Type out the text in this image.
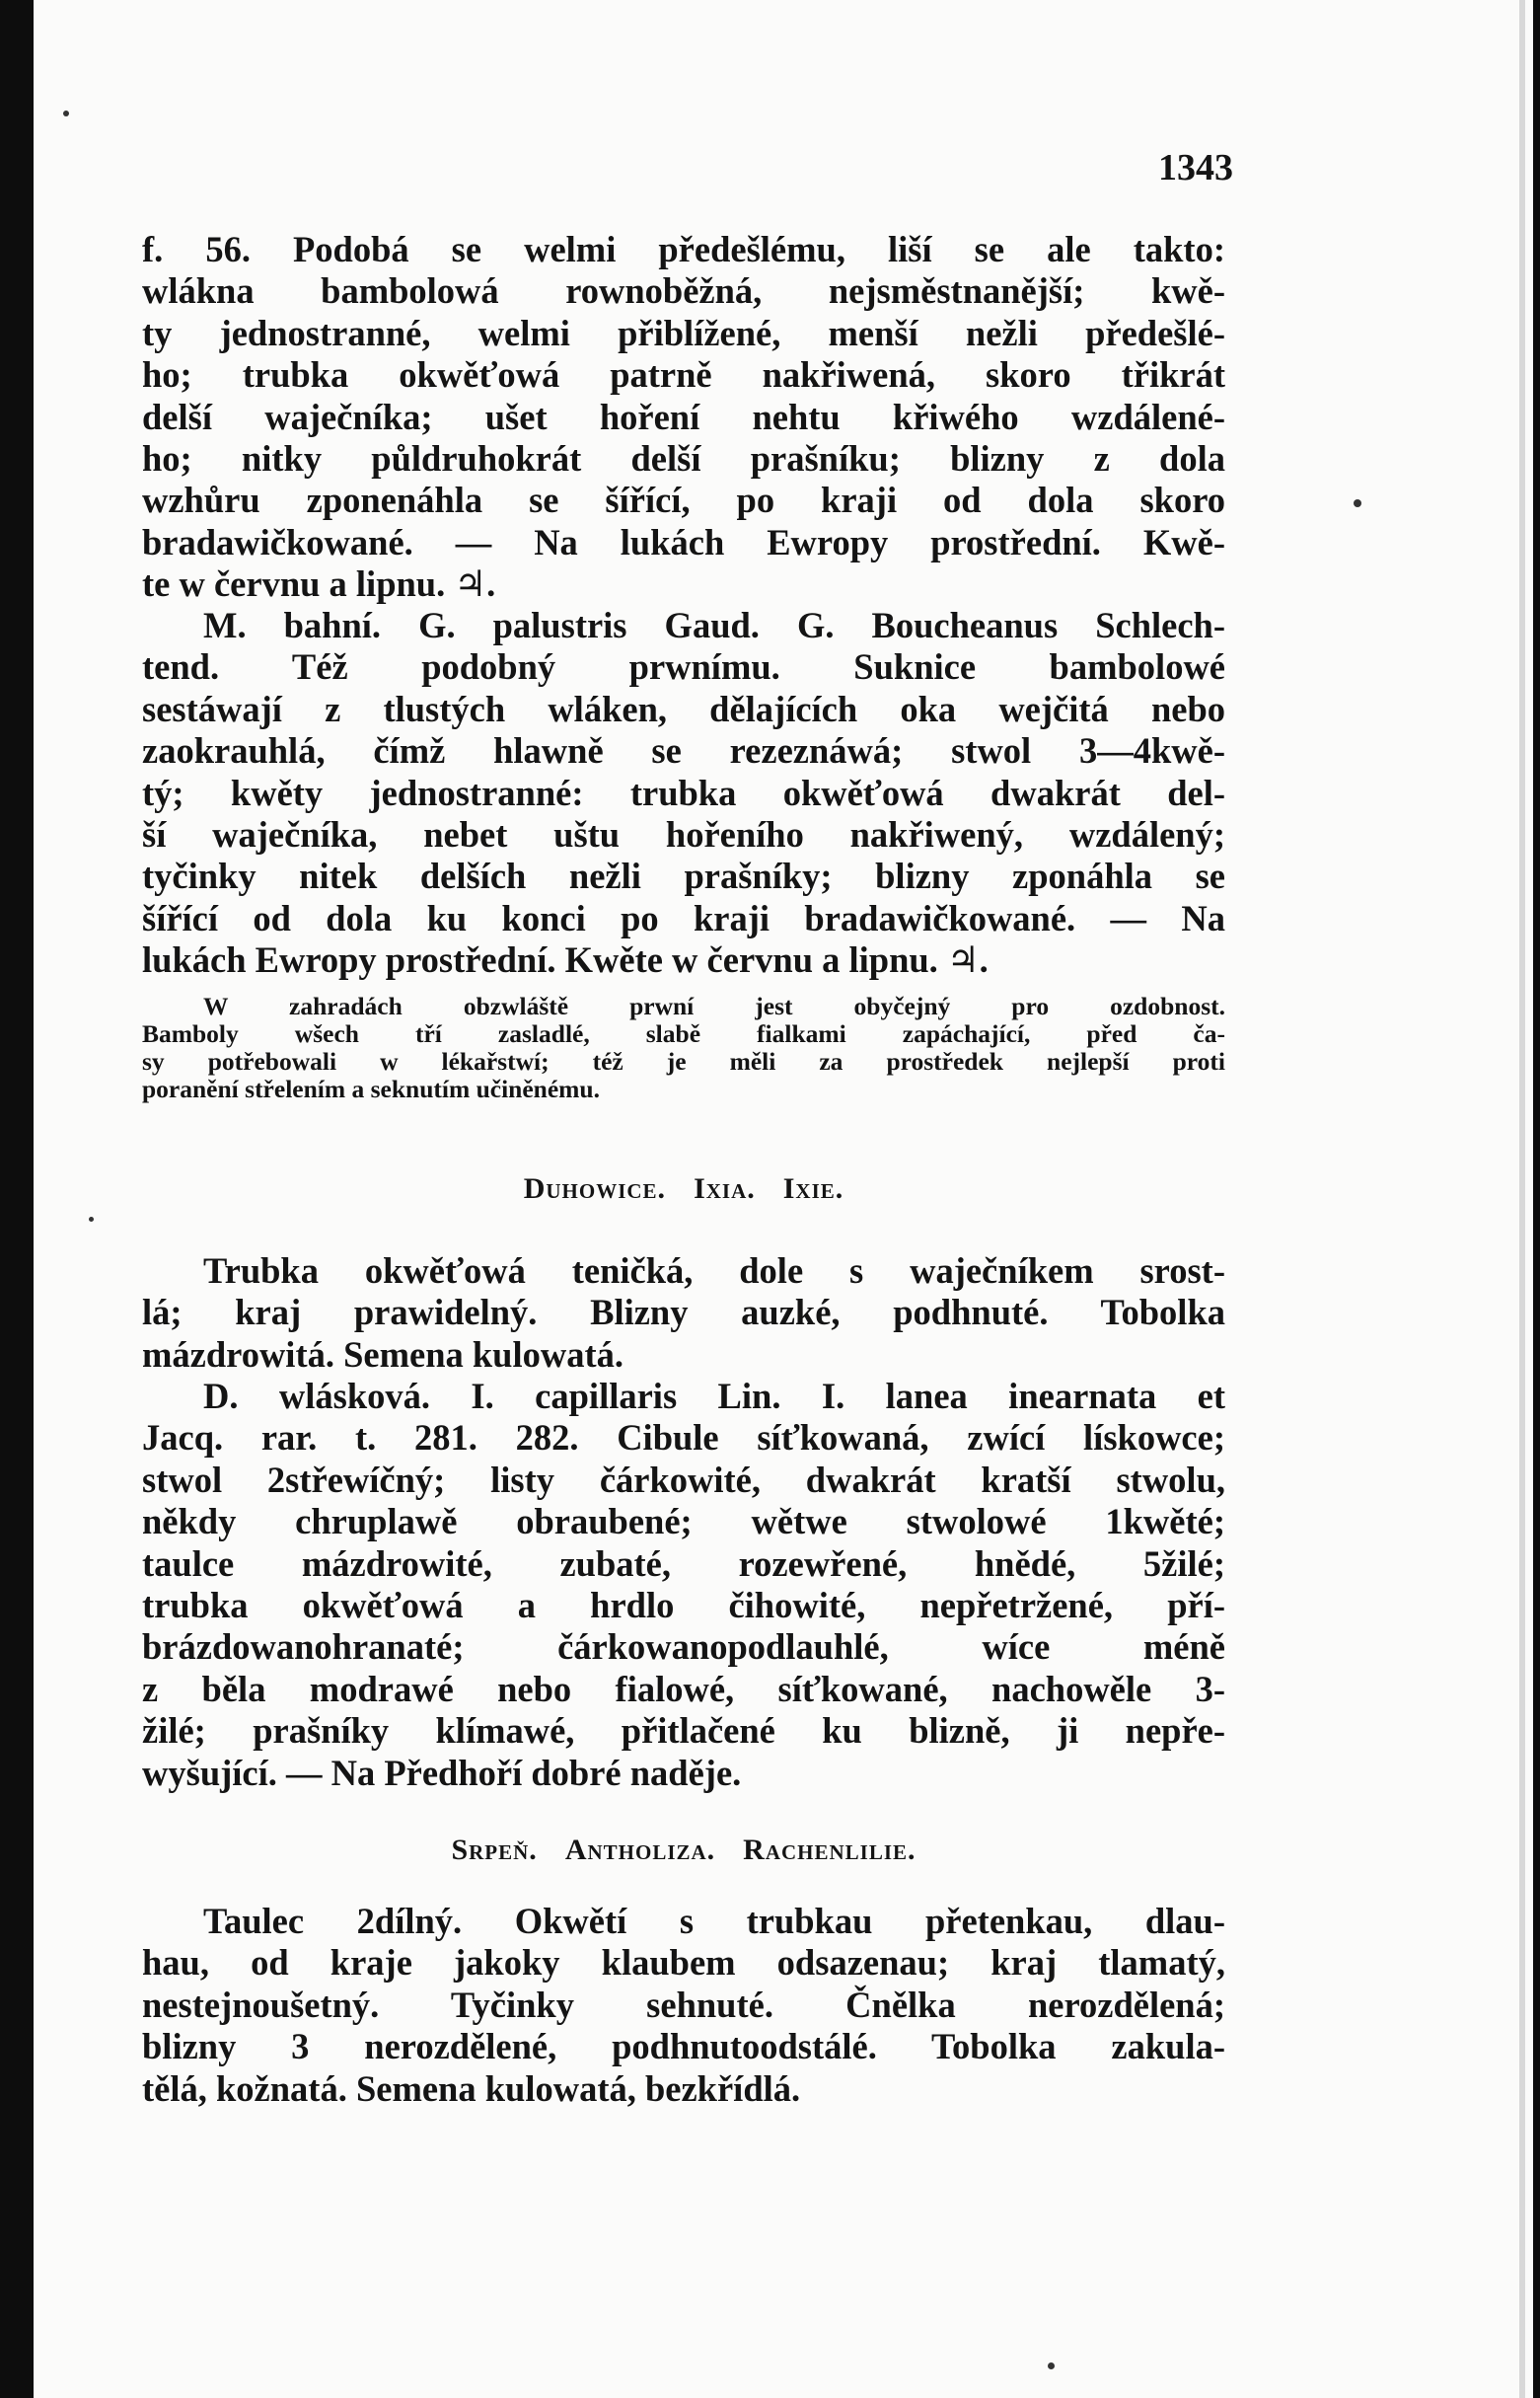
1343

f. 56. Podobá se welmi předešlému, liší se ale takto:
wlákna bambolowá rownoběžná, nejsměstnanější; kwě-
ty jednostranné, welmi přiblížené, menší nežli předešlé-
ho; trubka okwěťowá patrně nakřiwená, skoro třikrát
delší waječníka; ušet hoření nehtu křiwého wzdálené-
ho; nitky půldruhokrát delší prašníku; blizny z dola
wzhůru zponenáhla se šířící, po kraji od dola skoro
bradawičkowané. — Na lukách Ewropy prostřední. Kwě-
te w červnu a lipnu. ♃.

M. bahní. G. palustris Gaud. G. Boucheanus Schlech-
tend. Též podobný prwnímu. Suknice bambolowé
sestáwají z tlustých wláken, dělajících oka wejčitá nebo
zaokrauhlá, čímž hlawně se rezeznáwá; stwol 3—4kwě-
tý; kwěty jednostranné: trubka okwěťowá dwakrát del-
ší waječníka, nebet uštu hořeního nakřiwený, wzdálený;
tyčinky nitek delších nežli prašníky; blizny zponáhla se
šířící od dola ku konci po kraji bradawičkowané. — Na
lukách Ewropy prostřední. Kwěte w červnu a lipnu. ♃.

W zahradách obzwláště prwní jest obyčejný pro ozdobnost.
Bamboly wšech tří zasladlé, slabě fialkami zapáchající, před ča-
sy potřebowali w lékařstwí; též je měli za prostředek nejlepší proti
poranění střelením a seknutím učiněnému.

Duhowice. Ixia. Ixie.

Trubka okwěťowá teničká, dole s waječníkem srost-
lá; kraj prawidelný. Blizny auzké, podhnuté. Tobolka
mázdrowitá. Semena kulowatá.

D. wlásková. I. capillaris Lin. I. lanea inearnata et
Jacq. rar. t. 281. 282. Cibule síťkowaná, zwící lískowce;
stwol 2střewíčný; listy čárkowité, dwakrát kratší stwolu,
někdy chruplawě obraubené; wětwe stwolowé 1kwěté;
taulce mázdrowité, zubaté, rozewřené, hnědé, 5žilé;
trubka okwěťowá a hrdlo čihowité, nepřetržené, pří-
brázdowanohranaté; čárkowanopodlauhlé, wíce méně
z běla modrawé nebo fialowé, síťkowané, nachowěle 3-
žilé; prašníky klímawé, přitlačené ku blizně, ji nepře-
wyšující. — Na Předhoří dobré naděje.

Srpeň. Antholiza. Rachenlilie.

Taulec 2dílný. Okwětí s trubkau přetenkau, dlau-
hau, od kraje jakoky klaubem odsazenau; kraj tlamatý,
nestejnoušetný. Tyčinky sehnuté. Čnělka nerozdělená;
blizny 3 nerozdělené, podhnutoodstálé. Tobolka zakula-
tělá, kožnatá. Semena kulowatá, bezkřídlá.
